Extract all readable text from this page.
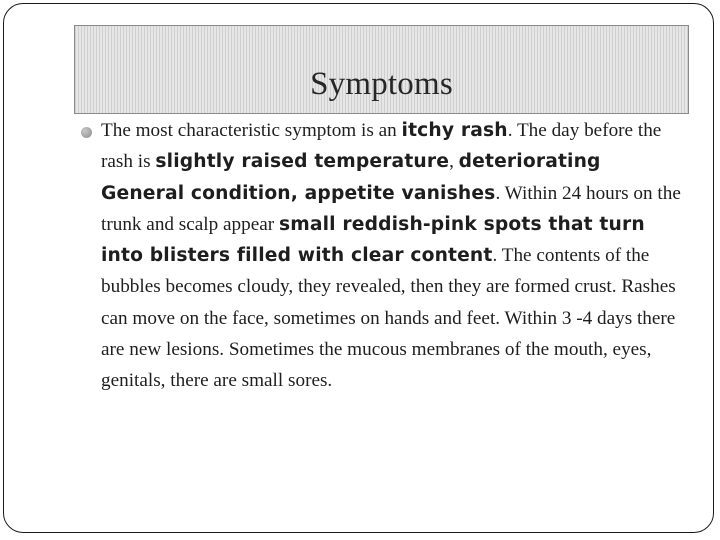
Symptoms

The most characteristic symptom is an itchy rash. The day before the rash is slightly raised temperature, deteriorating General condition, appetite vanishes. Within 24 hours on the trunk and scalp appear small reddish-pink spots that turn into blisters filled with clear content. The contents of the bubbles becomes cloudy, they revealed, then they are formed crust. Rashes can move on the face, sometimes on hands and feet. Within 3 -4 days there are new lesions. Sometimes the mucous membranes of the mouth, eyes, genitals, there are small sores.
